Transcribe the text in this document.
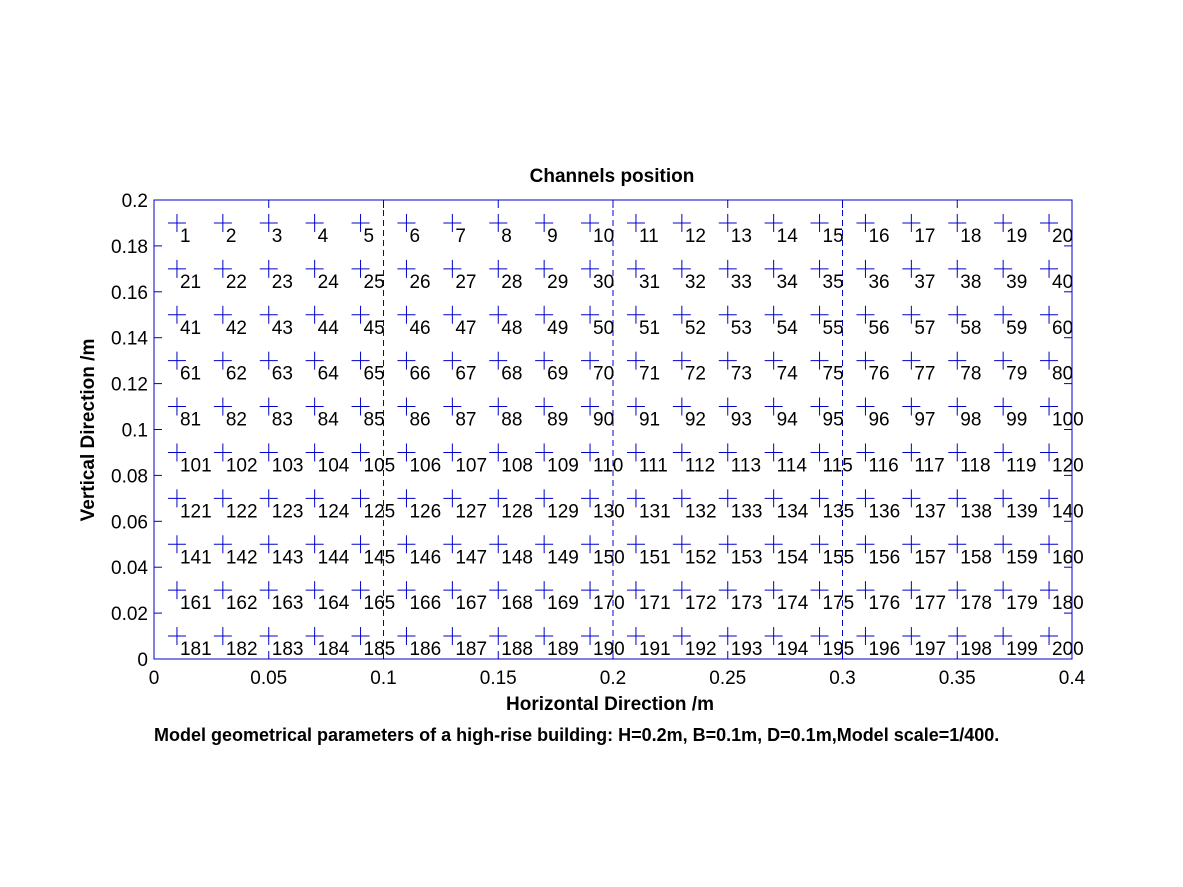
Channels position
1 2 3 4 5 6 7 8 9 10 11 12 13 14 15 16 17 18 19 20
21 22 23 24 25 26 27 28 29 30 31 32 33 34 35 36 37 38 39 40
41 42 43 44 45 46 47 48 49 50 51 52 53 54 55 56 57 58 59 60
61 62 63 64 65 66 67 68 69 70 71 72 73 74 75 76 77 78 79 80
81 82 83 84 85 86 87 88 89 90 91 92 93 94 95 96 97 98 99 100
101 102 103 104 105 106 107 108 109 110 111 112 113 114 115 116 117 118 119 120
121 122 123 124 125 126 127 128 129 130 131 132 133 134 135 136 137 138 139 140
141 142 143 144 145 146 147 148 149 150 151 152 153 154 155 156 157 158 159 160
161 162 163 164 165 166 167 168 169 170 171 172 173 174 175 176 177 178 179 180
181 182 183 184 185 186 187 188 189 190 191 192 193 194 195 196 197 198 199 200
0	0.05	0.1	0.15	0.2	0.25	0.3	0.35	0.4
0
0.02
0.04
0.06
0.08
0.1
0.12
0.14
0.16
0.18
0.2
Horizontal Direction /m
Vertical Direction /m
Model geometrical parameters of a high-rise building: H=0.2m, B=0.1m, D=0.1m,Model scale=1/400.
